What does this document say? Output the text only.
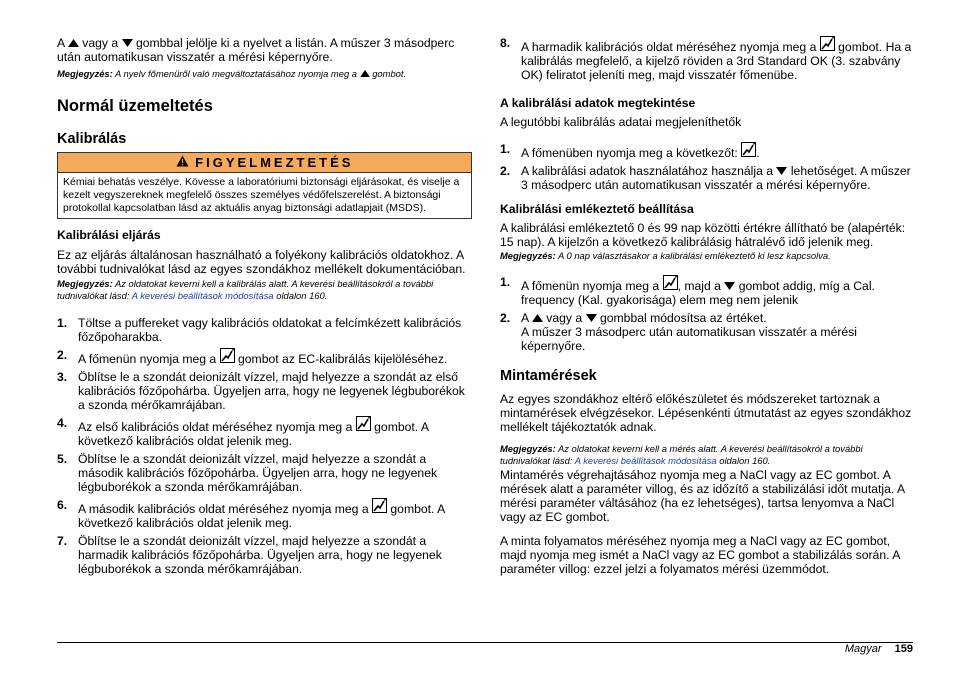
A vagy a gombbal jelölje ki a nyelvet a listán. A műszer 3 másodperc után automatikusan visszatér a mérési képernyőre.

Megjegyzés: A nyelv főmenüről való megváltoztatásához nyomja meg a gombot.

Normál üzemeltetés
Kalibrálás
FIGYELMEZTETÉS
Kémiai behatás veszélye. Kövesse a laboratóriumi biztonsági eljárásokat, és viselje a kezelt vegyszereknek megfelelő összes személyes védőfelszerelést. A biztonsági protokollal kapcsolatban lásd az aktuális anyag biztonsági adatlapjait (MSDS).
Kalibrálási eljárás

Ez az eljárás általánosan használható a folyékony kalibrációs oldatokhoz. A további tudnivalókat lásd az egyes szondákhoz mellékelt dokumentációban.

Megjegyzés: Az oldatokat keverni kell a kalibrálás alatt. A keverési beállításokról a további tudnivalókat lásd: A keverési beállítások módosítása oldalon 160.

1. Töltse a puffereket vagy kalibrációs oldatokat a felcímkézett kalibrációs főzőpoharakba.
2. A főmenün nyomja meg a gombot az EC-kalibrálás kijelöléséhez.
3. Öblítse le a szondát deionizált vízzel, majd helyezze a szondát az első kalibrációs főzőpohárba. Ügyeljen arra, hogy ne legyenek légbuborékok a szonda mérőkamrájában.
4. Az első kalibrációs oldat méréséhez nyomja meg a gombot. A következő kalibrációs oldat jelenik meg.
5. Öblítse le a szondát deionizált vízzel, majd helyezze a szondát a második kalibrációs főzőpohárba. Ügyeljen arra, hogy ne legyenek légbuborékok a szonda mérőkamrájában.
6. A második kalibrációs oldat méréséhez nyomja meg a gombot. A következő kalibrációs oldat jelenik meg.
7. Öblítse le a szondát deionizált vízzel, majd helyezze a szondát a harmadik kalibrációs főzőpohárba. Ügyeljen arra, hogy ne legyenek légbuborékok a szonda mérőkamrájában.
8. A harmadik kalibrációs oldat méréséhez nyomja meg a gombot. Ha a kalibrálás megfelelő, a kijelző röviden a 3rd Standard OK (3. szabvány OK) feliratot jeleníti meg, majd visszatér főmenübe.
A kalibrálási adatok megtekintése

A legutóbbi kalibrálás adatai megjeleníthetők

1. A főmenüben nyomja meg a következőt: .
2. A kalibrálási adatok használatához használja a lehetőséget. A műszer 3 másodperc után automatikusan visszatér a mérési képernyőre.
Kalibrálási emlékeztető beállítása

A kalibrálási emlékeztető 0 és 99 nap közötti értékre állítható be (alapérték: 15 nap). A kijelzőn a következő kalibrálásig hátralévő idő jelenik meg.

Megjegyzés: A 0 nap választásakor a kalibrálási emlékeztető ki lesz kapcsolva.

1. A főmenün nyomja meg a , majd a gombot addig, míg a Cal. frequency (Kal. gyakorisága) elem meg nem jelenik
2. A vagy a gombbal módosítsa az értéket.
A műszer 3 másodperc után automatikusan visszatér a mérési képernyőre.
Mintamérések

Az egyes szondákhoz eltérő előkészületet és módszereket tartoznak a mintamérések elvégzésekor. Lépésenkénti útmutatást az egyes szondákhoz mellékelt tájékoztatók adnak.

Megjegyzés: Az oldatokat keverni kell a mérés alatt. A keverési beállításokról a további tudnivalókat lásd: A keverési beállítások módosítása oldalon 160.

Mintamérés végrehajtásához nyomja meg a NaCl vagy az EC gombot. A mérések alatt a paraméter villog, és az időzítő a stabilizálási időt mutatja. A mérési paraméter váltásához (ha ez lehetséges), tartsa lenyomva a NaCl vagy az EC gombot.

A minta folyamatos méréséhez nyomja meg a NaCl vagy az EC gombot, majd nyomja meg ismét a NaCl vagy az EC gombot a stabilizálás során. A paraméter villog: ezzel jelzi a folyamatos mérési üzemmódot.

Magyar 159
